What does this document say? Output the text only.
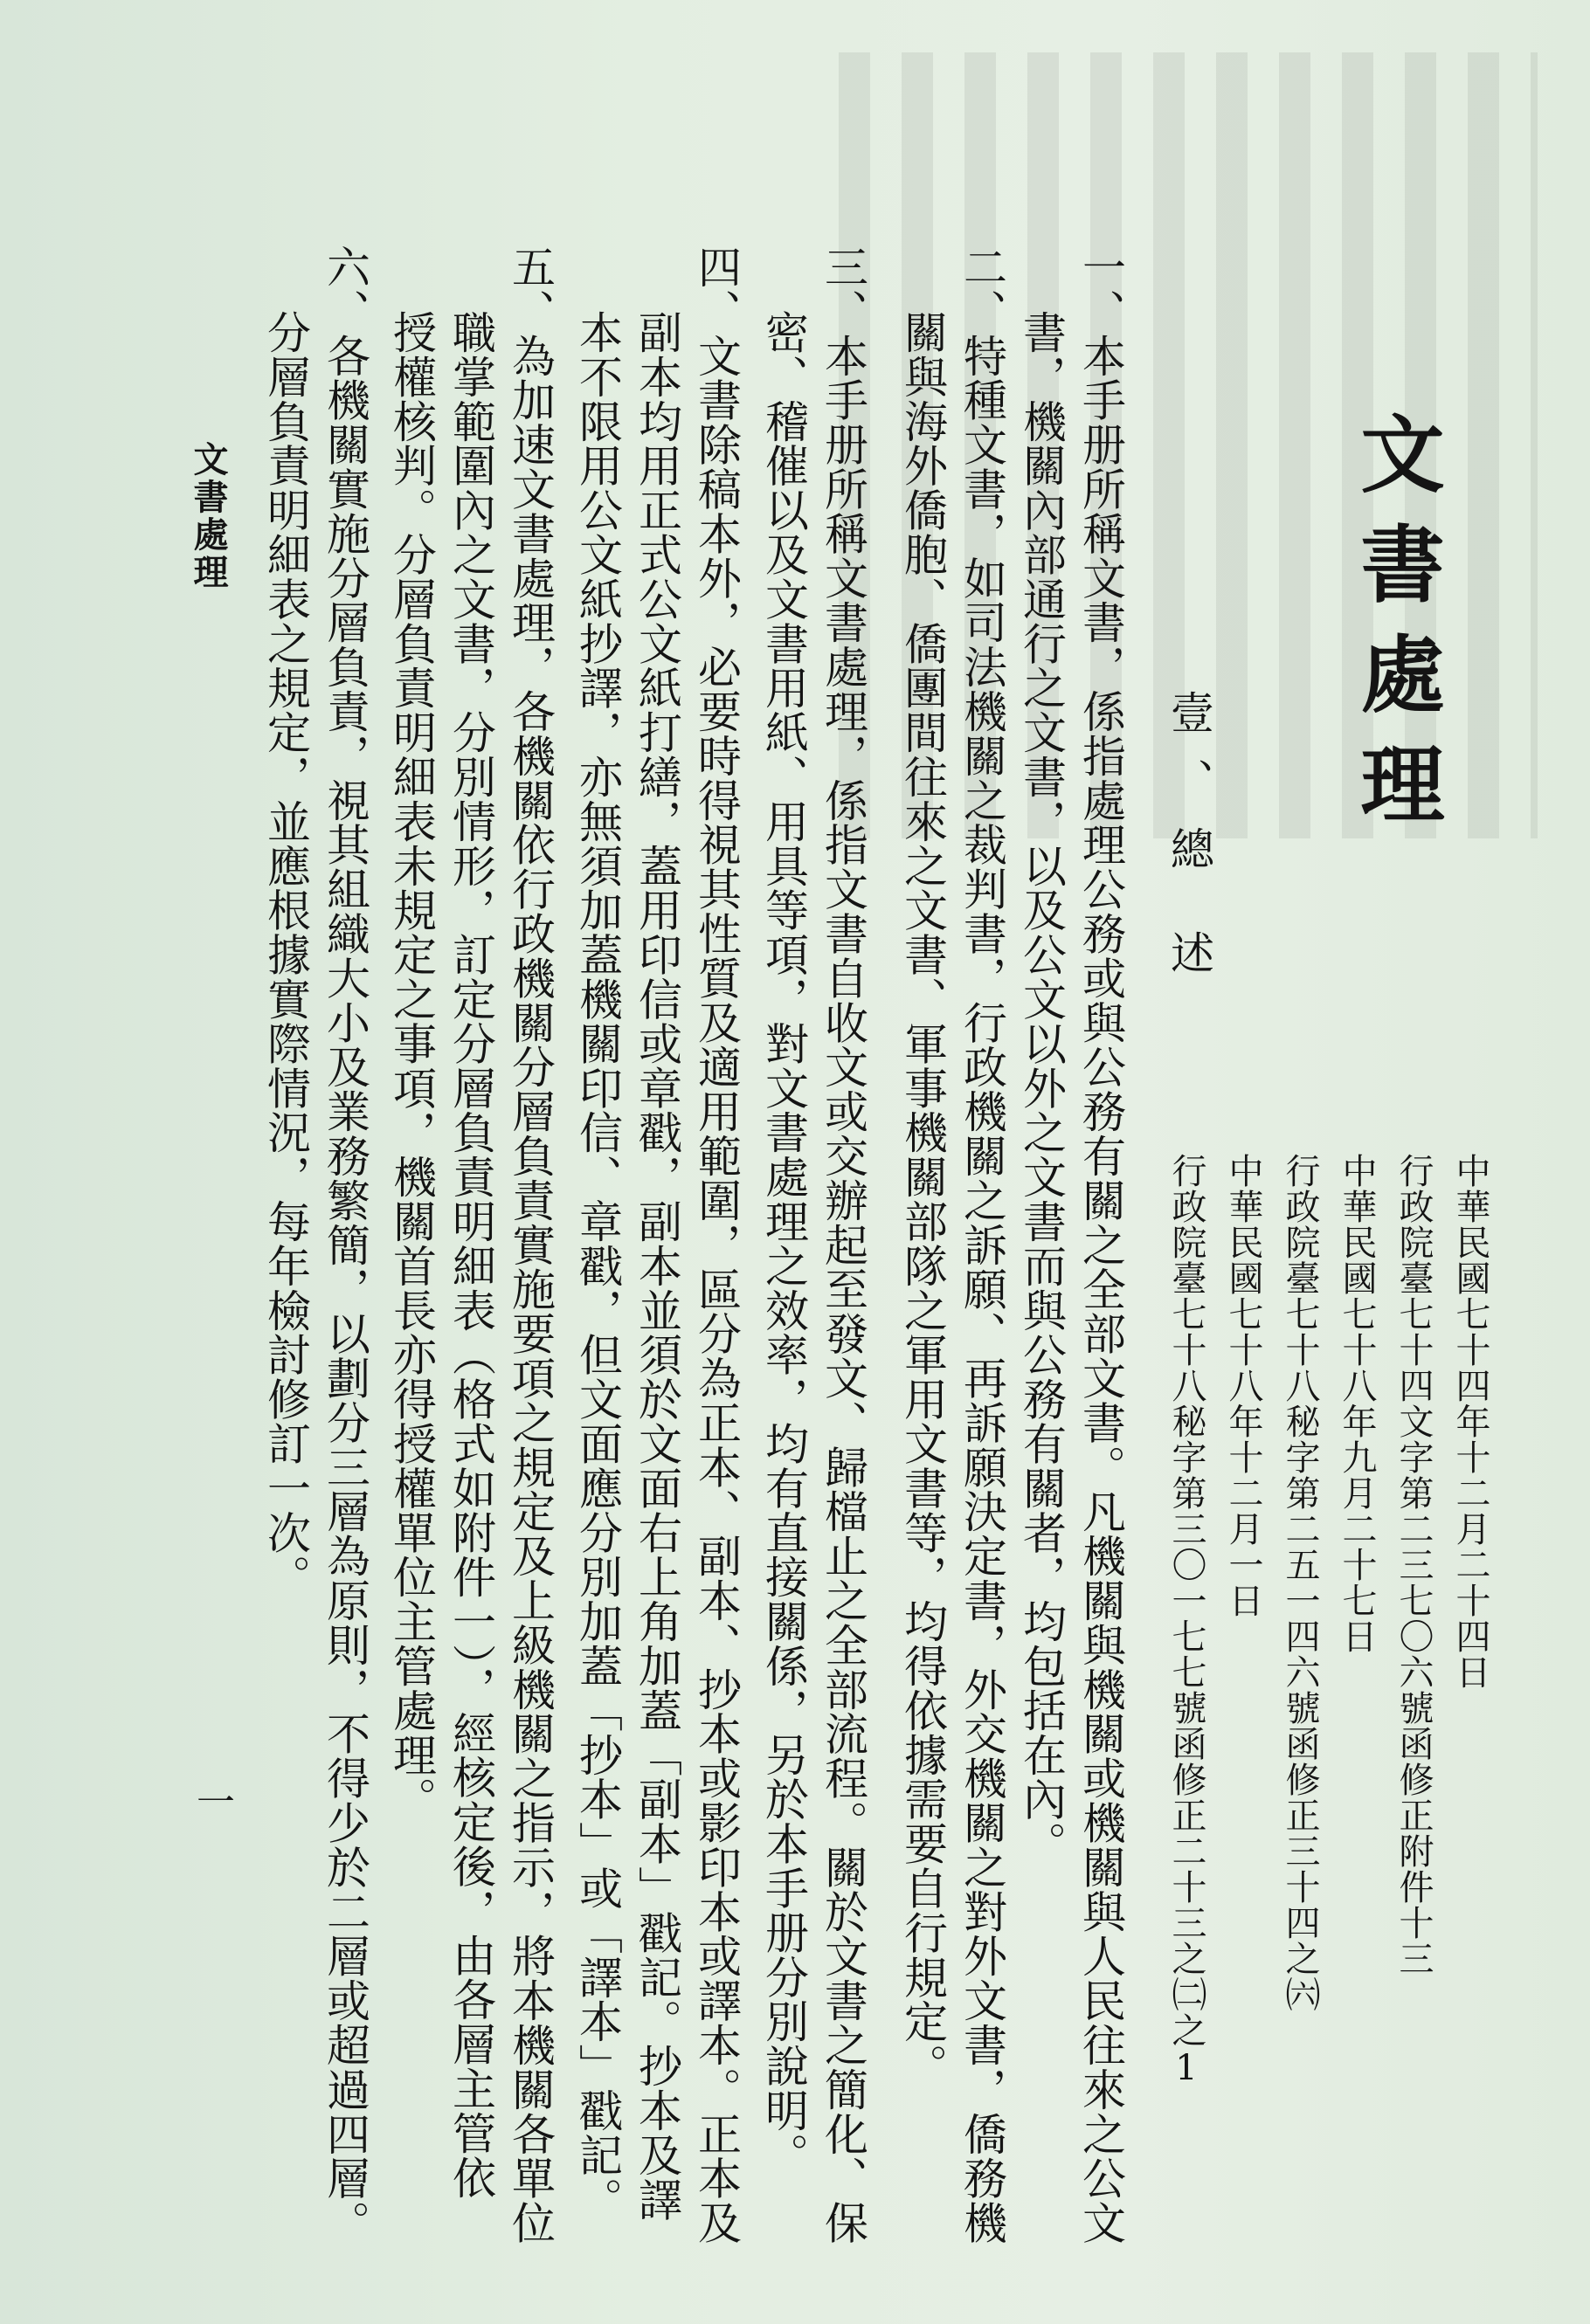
文書處理
壹、總
述
中華民國七十四年十二月二十四日
行政院臺七十四文字第二三七〇六號函修正附件十三
中華民國七十八年九月二十七日
行政院臺七十八秘字第二五一四六號函修正三十四之㈥
中華民國七十八年十二月一日
行政院臺七十八秘字第三〇一七七號函修正二十三之㈡之1
一、本手册所稱文書，係指處理公務或與公務有關之全部文書。凡機關與機關或機關與人民往來之公文
書，機關內部通行之文書，以及公文以外之文書而與公務有關者，均包括在內。
二、特種文書，如司法機關之裁判書，行政機關之訴願、再訴願決定書，外交機關之對外文書，僑務機
關與海外僑胞、僑團間往來之文書、軍事機關部隊之軍用文書等，均得依據需要自行規定。
三、本手册所稱文書處理，係指文書自收文或交辦起至發文、歸檔止之全部流程。關於文書之簡化、保
密、稽催以及文書用紙、用具等項，對文書處理之效率，均有直接關係，另於本手册分別說明。
四、文書除稿本外，必要時得視其性質及適用範圍，區分為正本、副本、抄本或影印本或譯本。正本及
副本均用正式公文紙打繕，蓋用印信或章戳，副本並須於文面右上角加蓋「副本」戳記。抄本及譯
本不限用公文紙抄譯，亦無須加蓋機關印信、章戳，但文面應分別加蓋「抄本」或「譯本」戳記。
五、為加速文書處理，各機關依行政機關分層負責實施要項之規定及上級機關之指示，將本機關各單位
職掌範圍內之文書，分別情形，訂定分層負責明細表（格式如附件一），經核定後，由各層主管依
授權核判。分層負責明細表未規定之事項，機關首長亦得授權單位主管處理。
六、各機關實施分層負責，視其組織大小及業務繁簡，以劃分三層為原則，不得少於二層或超過四層。
分層負責明細表之規定，並應根據實際情況，每年檢討修訂一次。
文書處理
一
